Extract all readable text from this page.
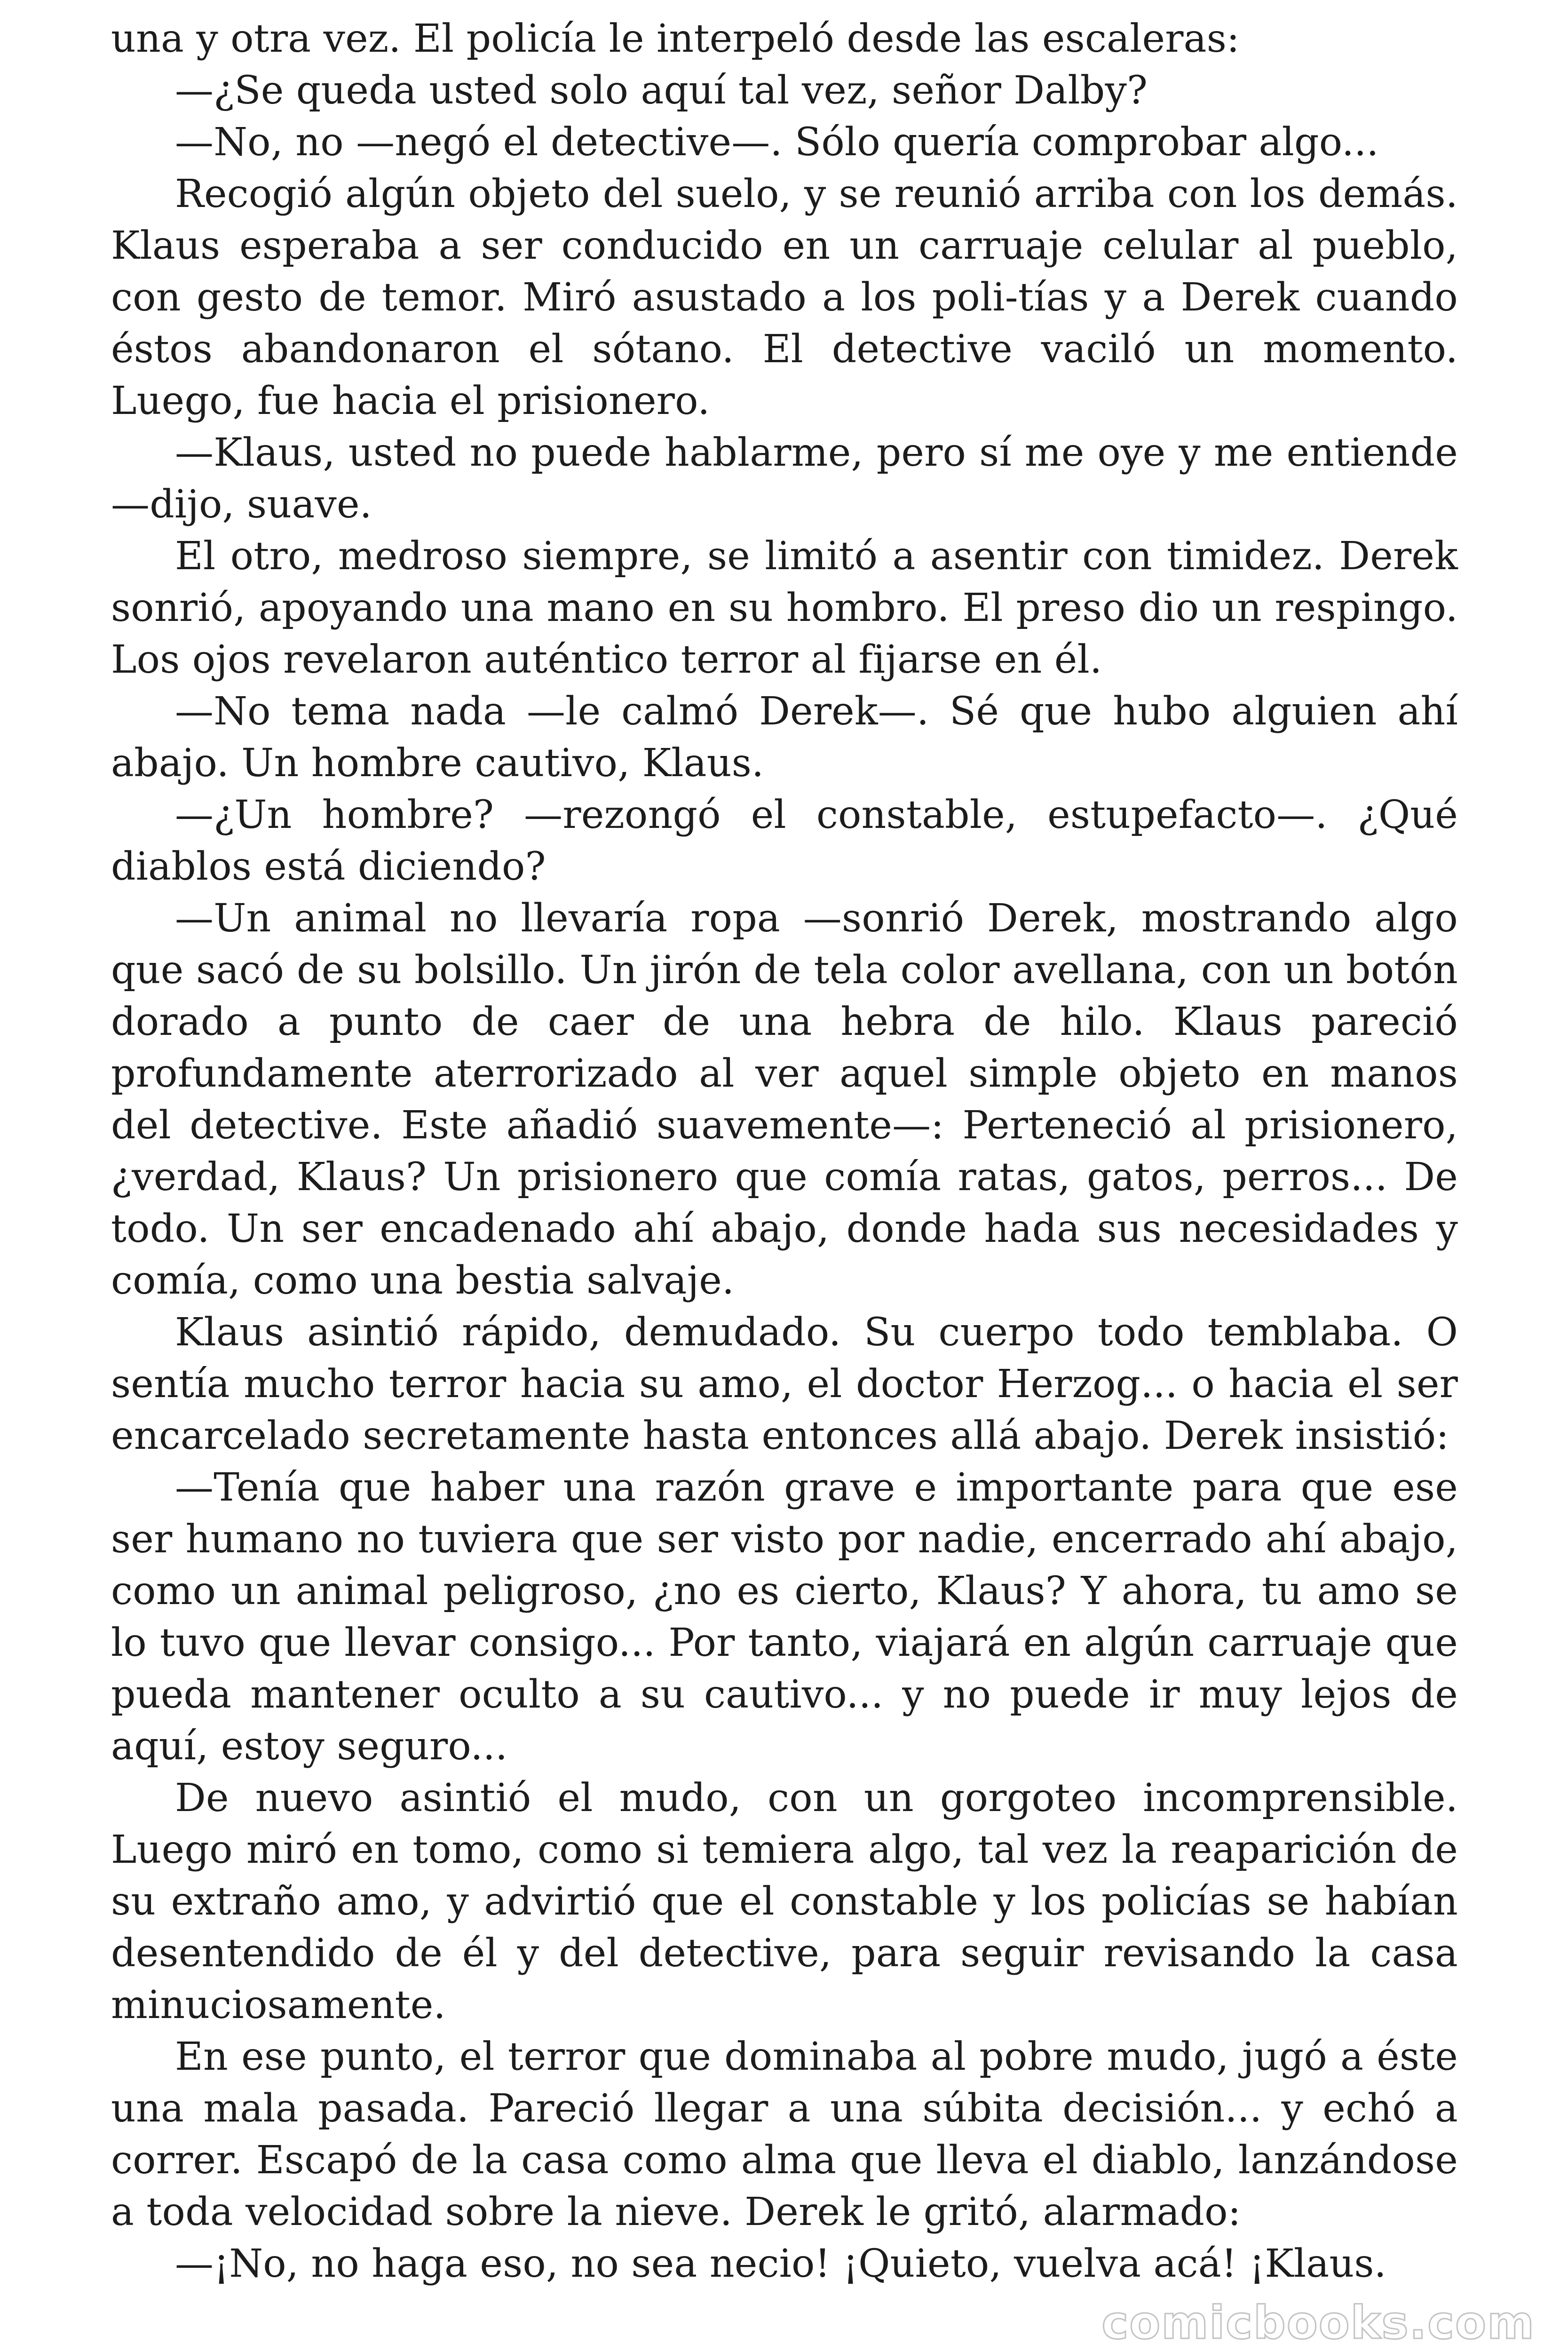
una y otra vez. El policía le interpeló desde las escaleras:

—¿Se queda usted solo aquí tal vez, señor Dalby?

—No, no —negó el detective—. Sólo quería comprobar algo...

Recogió algún objeto del suelo, y se reunió arriba con los demás. Klaus esperaba a ser conducido en un carruaje celular al pueblo, con gesto de temor. Miró asustado a los poli-tías y a Derek cuando éstos abandonaron el sótano. El detective vaciló un momento. Luego, fue hacia el prisionero.

—Klaus, usted no puede hablarme, pero sí me oye y me entiende —dijo, suave.

El otro, medroso siempre, se limitó a asentir con timidez. Derek sonrió, apoyando una mano en su hombro. El preso dio un respingo. Los ojos revelaron auténtico terror al fijarse en él.

—No tema nada —le calmó Derek—. Sé que hubo alguien ahí abajo. Un hombre cautivo, Klaus.

—¿Un hombre? —rezongó el constable, estupefacto—. ¿Qué diablos está diciendo?

—Un animal no llevaría ropa —sonrió Derek, mostrando algo que sacó de su bolsillo. Un jirón de tela color avellana, con un botón dorado a punto de caer de una hebra de hilo. Klaus pareció profundamente aterrorizado al ver aquel simple objeto en manos del detective. Este añadió suavemente—: Perteneció al prisionero, ¿verdad, Klaus? Un prisionero que comía ratas, gatos, perros... De todo. Un ser encadenado ahí abajo, donde hada sus necesidades y comía, como una bestia salvaje.

Klaus asintió rápido, demudado. Su cuerpo todo temblaba. O sentía mucho terror hacia su amo, el doctor Herzog... o hacia el ser encarcelado secretamente hasta entonces allá abajo. Derek insistió:

—Tenía que haber una razón grave e importante para que ese ser humano no tuviera que ser visto por nadie, encerrado ahí abajo, como un animal peligroso, ¿no es cierto, Klaus? Y ahora, tu amo se lo tuvo que llevar consigo... Por tanto, viajará en algún carruaje que pueda mantener oculto a su cautivo... y no puede ir muy lejos de aquí, estoy seguro...

De nuevo asintió el mudo, con un gorgoteo incomprensible. Luego miró en tomo, como si temiera algo, tal vez la reaparición de su extraño amo, y advirtió que el constable y los policías se habían desentendido de él y del detective, para seguir revisando la casa minuciosamente.

En ese punto, el terror que dominaba al pobre mudo, jugó a éste una mala pasada. Pareció llegar a una súbita decisión... y echó a correr. Escapó de la casa como alma que lleva el diablo, lanzándose a toda velocidad sobre la nieve. Derek le gritó, alarmado:

—¡No, no haga eso, no sea necio! ¡Quieto, vuelva acá! ¡Klaus.

comicbooks.com
